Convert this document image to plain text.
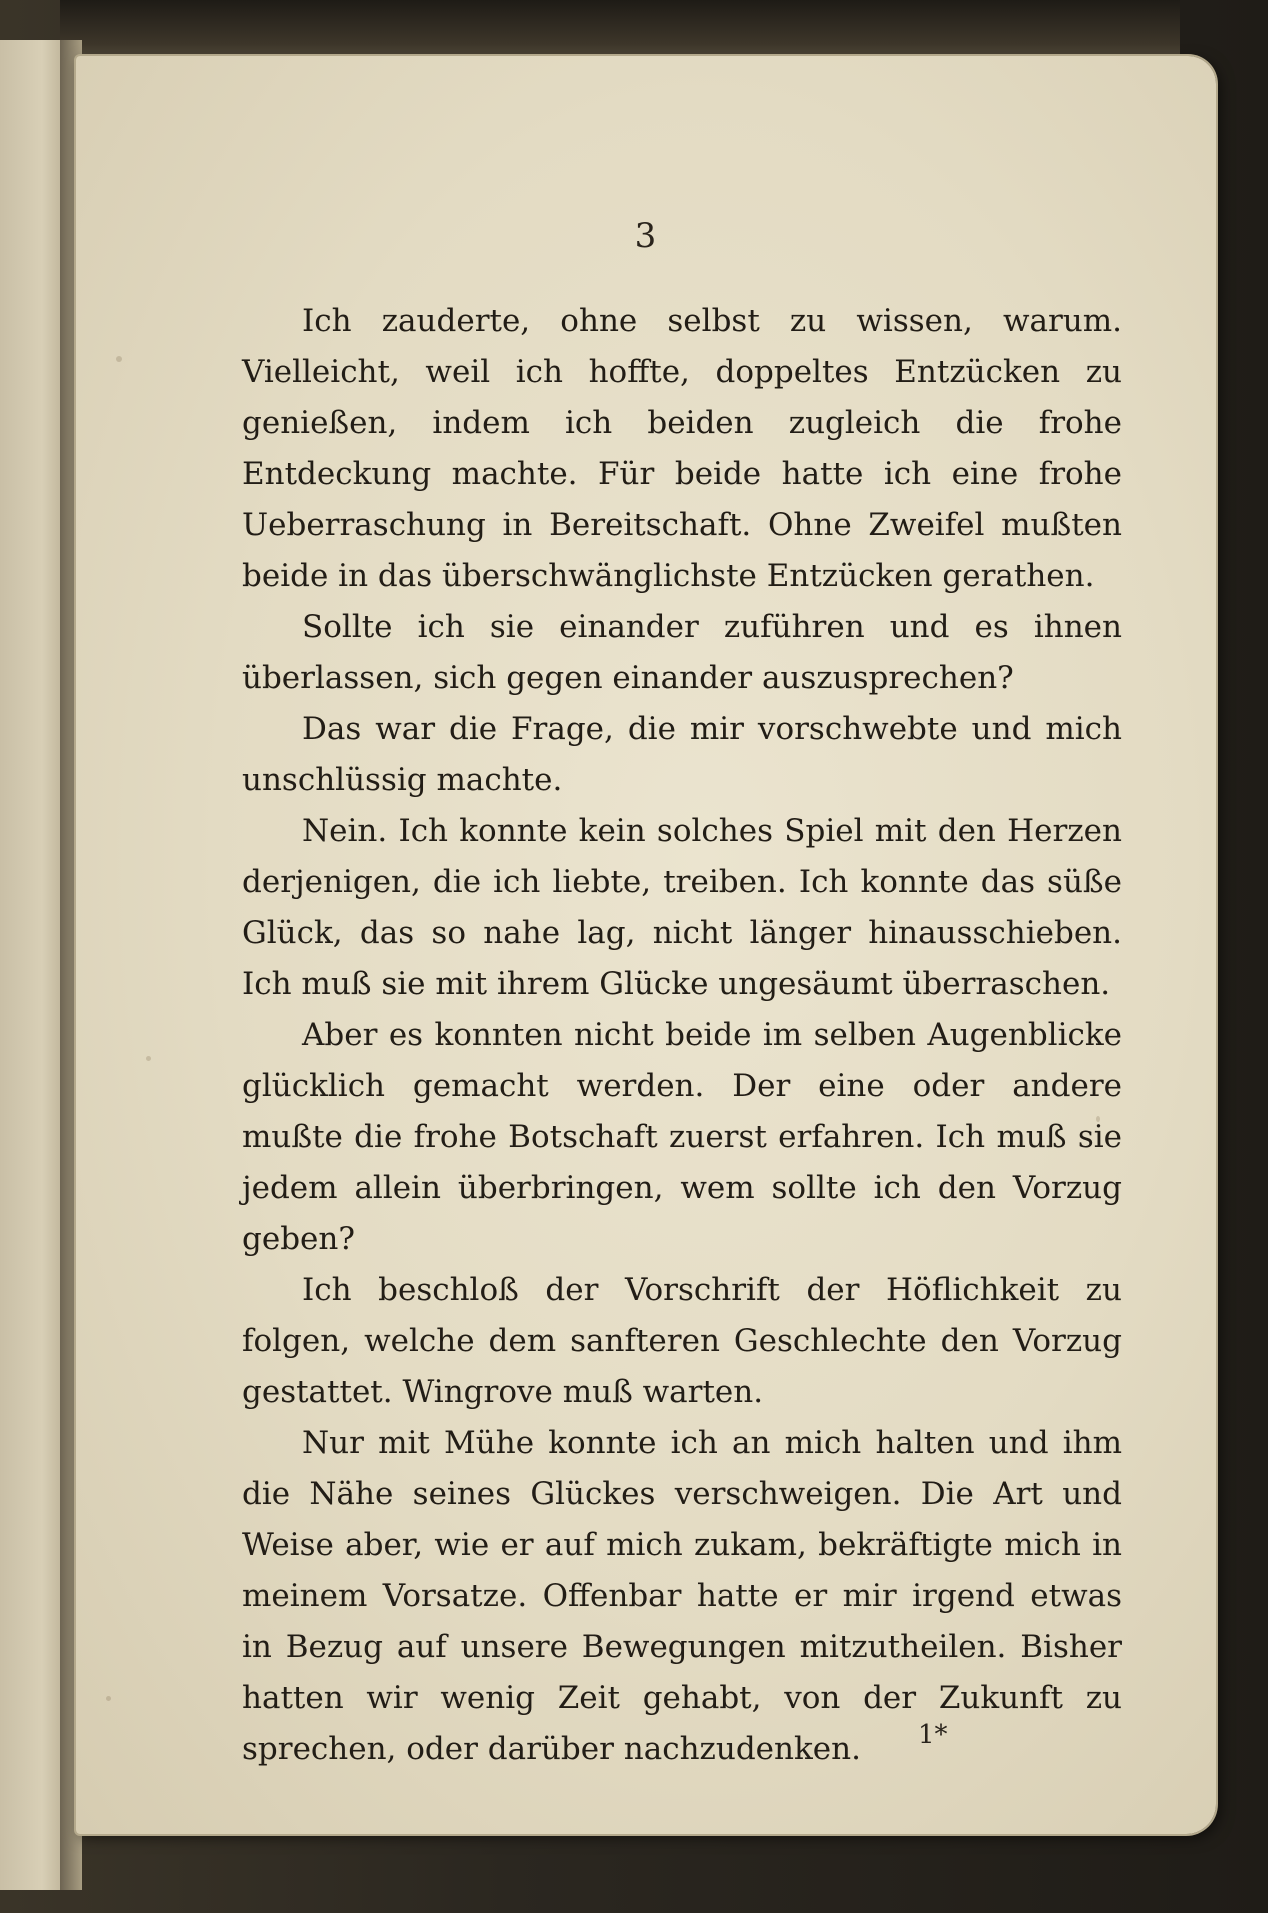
3

Ich zauderte, ohne selbst zu wissen, warum. Vielleicht, weil ich hoffte, doppeltes Entzücken zu genießen, indem ich beiden zugleich die frohe Entdeckung machte. Für beide hatte ich eine frohe Ueberraschung in Bereitschaft. Ohne Zweifel mußten beide in das überschwänglichste Entzücken gerathen.

Sollte ich sie einander zuführen und es ihnen überlassen, sich gegen einander auszusprechen?

Das war die Frage, die mir vorschwebte und mich unschlüssig machte.

Nein. Ich konnte kein solches Spiel mit den Herzen derjenigen, die ich liebte, treiben. Ich konnte das süße Glück, das so nahe lag, nicht länger hinausschieben. Ich muß sie mit ihrem Glücke ungesäumt überraschen.

Aber es konnten nicht beide im selben Augenblicke glücklich gemacht werden. Der eine oder andere mußte die frohe Botschaft zuerst erfahren. Ich muß sie jedem allein überbringen, wem sollte ich den Vorzug geben?

Ich beschloß der Vorschrift der Höflichkeit zu folgen, welche dem sanfteren Geschlechte den Vorzug gestattet. Wingrove muß warten.

Nur mit Mühe konnte ich an mich halten und ihm die Nähe seines Glückes verschweigen. Die Art und Weise aber, wie er auf mich zukam, bekräftigte mich in meinem Vorsatze. Offenbar hatte er mir irgend etwas in Bezug auf unsere Bewegungen mitzutheilen. Bisher hatten wir wenig Zeit gehabt, von der Zukunft zu sprechen, oder darüber nachzudenken.	1*
